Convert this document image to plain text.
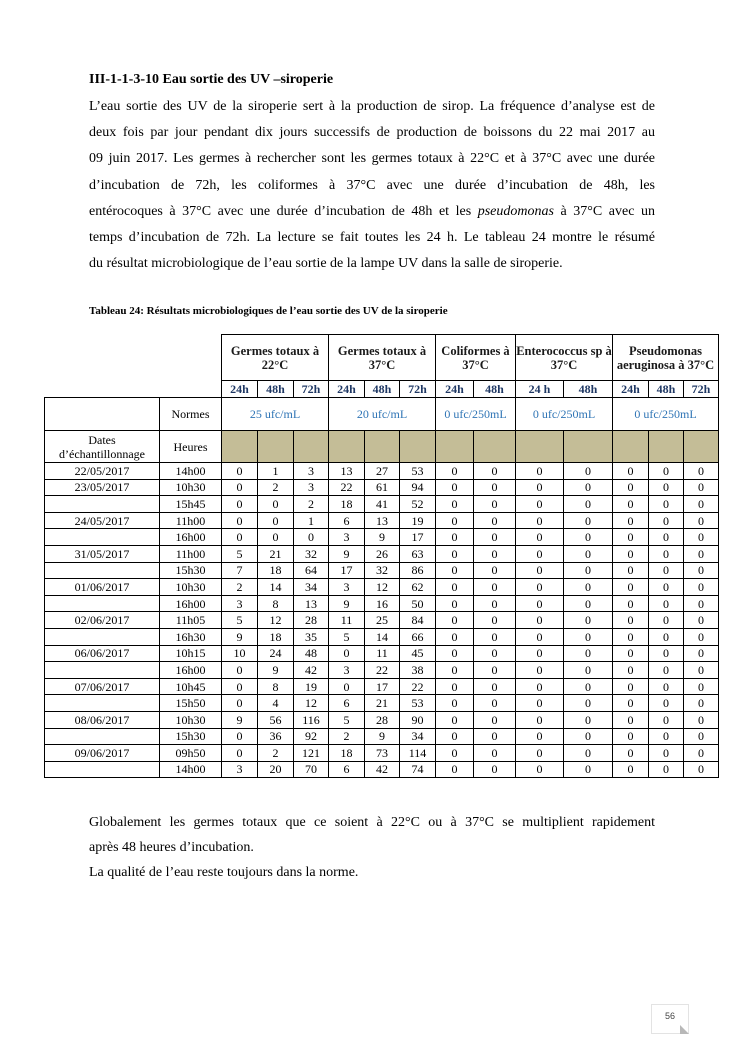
III-1-1-3-10 Eau sortie des UV –siroperie

L’eau sortie des UV de la siroperie sert à la production de sirop. La fréquence d’analyse est de

deux fois par jour pendant dix jours successifs de production de boissons du 22 mai 2017 au

09 juin 2017. Les germes à rechercher sont les germes totaux à 22°C et à 37°C avec une durée

d’incubation de 72h, les coliformes à 37°C avec une durée d’incubation de 48h, les

entérocoques à 37°C avec une durée d’incubation de 48h et les pseudomonas à 37°C avec un

temps d’incubation de 72h. La lecture se fait toutes les 24 h. Le tableau 24 montre le résumé

du résultat microbiologique de l’eau sortie de la lampe UV dans la salle de siroperie.

Tableau 24: Résultats microbiologiques de l’eau sortie des UV de la siroperie
		Germes totaux à 22°C			Germes totaux à 37°C			Coliformes à 37°C		Enterococcus sp à 37°C		Pseudomonas aeruginosa à 37°C		
		24h	48h	72h	24h	48h	72h	24h	48h	24 h	48h	24h	48h	72h
	Normes	25 ufc/mL			20 ufc/mL			0 ufc/250mL		0 ufc/250mL		0 ufc/250mL		
Dates d’échantillonnage	Heures													
22/05/2017	14h00	0	1	3	13	27	53	0	0	0	0	0	0	0
23/05/2017	10h30	0	2	3	22	61	94	0	0	0	0	0	0	0
	15h45	0	0	2	18	41	52	0	0	0	0	0	0	0
24/05/2017	11h00	0	0	1	6	13	19	0	0	0	0	0	0	0
	16h00	0	0	0	3	9	17	0	0	0	0	0	0	0
31/05/2017	11h00	5	21	32	9	26	63	0	0	0	0	0	0	0
	15h30	7	18	64	17	32	86	0	0	0	0	0	0	0
01/06/2017	10h30	2	14	34	3	12	62	0	0	0	0	0	0	0
	16h00	3	8	13	9	16	50	0	0	0	0	0	0	0
02/06/2017	11h05	5	12	28	11	25	84	0	0	0	0	0	0	0
	16h30	9	18	35	5	14	66	0	0	0	0	0	0	0
06/06/2017	10h15	10	24	48	0	11	45	0	0	0	0	0	0	0
	16h00	0	9	42	3	22	38	0	0	0	0	0	0	0
07/06/2017	10h45	0	8	19	0	17	22	0	0	0	0	0	0	0
	15h50	0	4	12	6	21	53	0	0	0	0	0	0	0
08/06/2017	10h30	9	56	116	5	28	90	0	0	0	0	0	0	0
	15h30	0	36	92	2	9	34	0	0	0	0	0	0	0
09/06/2017	09h50	0	2	121	18	73	114	0	0	0	0	0	0	0
	14h00	3	20	70	6	42	74	0	0	0	0	0	0	0

Globalement les germes totaux que ce soient à 22°C ou à 37°C se multiplient rapidement

après 48 heures d’incubation.

La qualité de l’eau reste toujours dans la norme.

56
